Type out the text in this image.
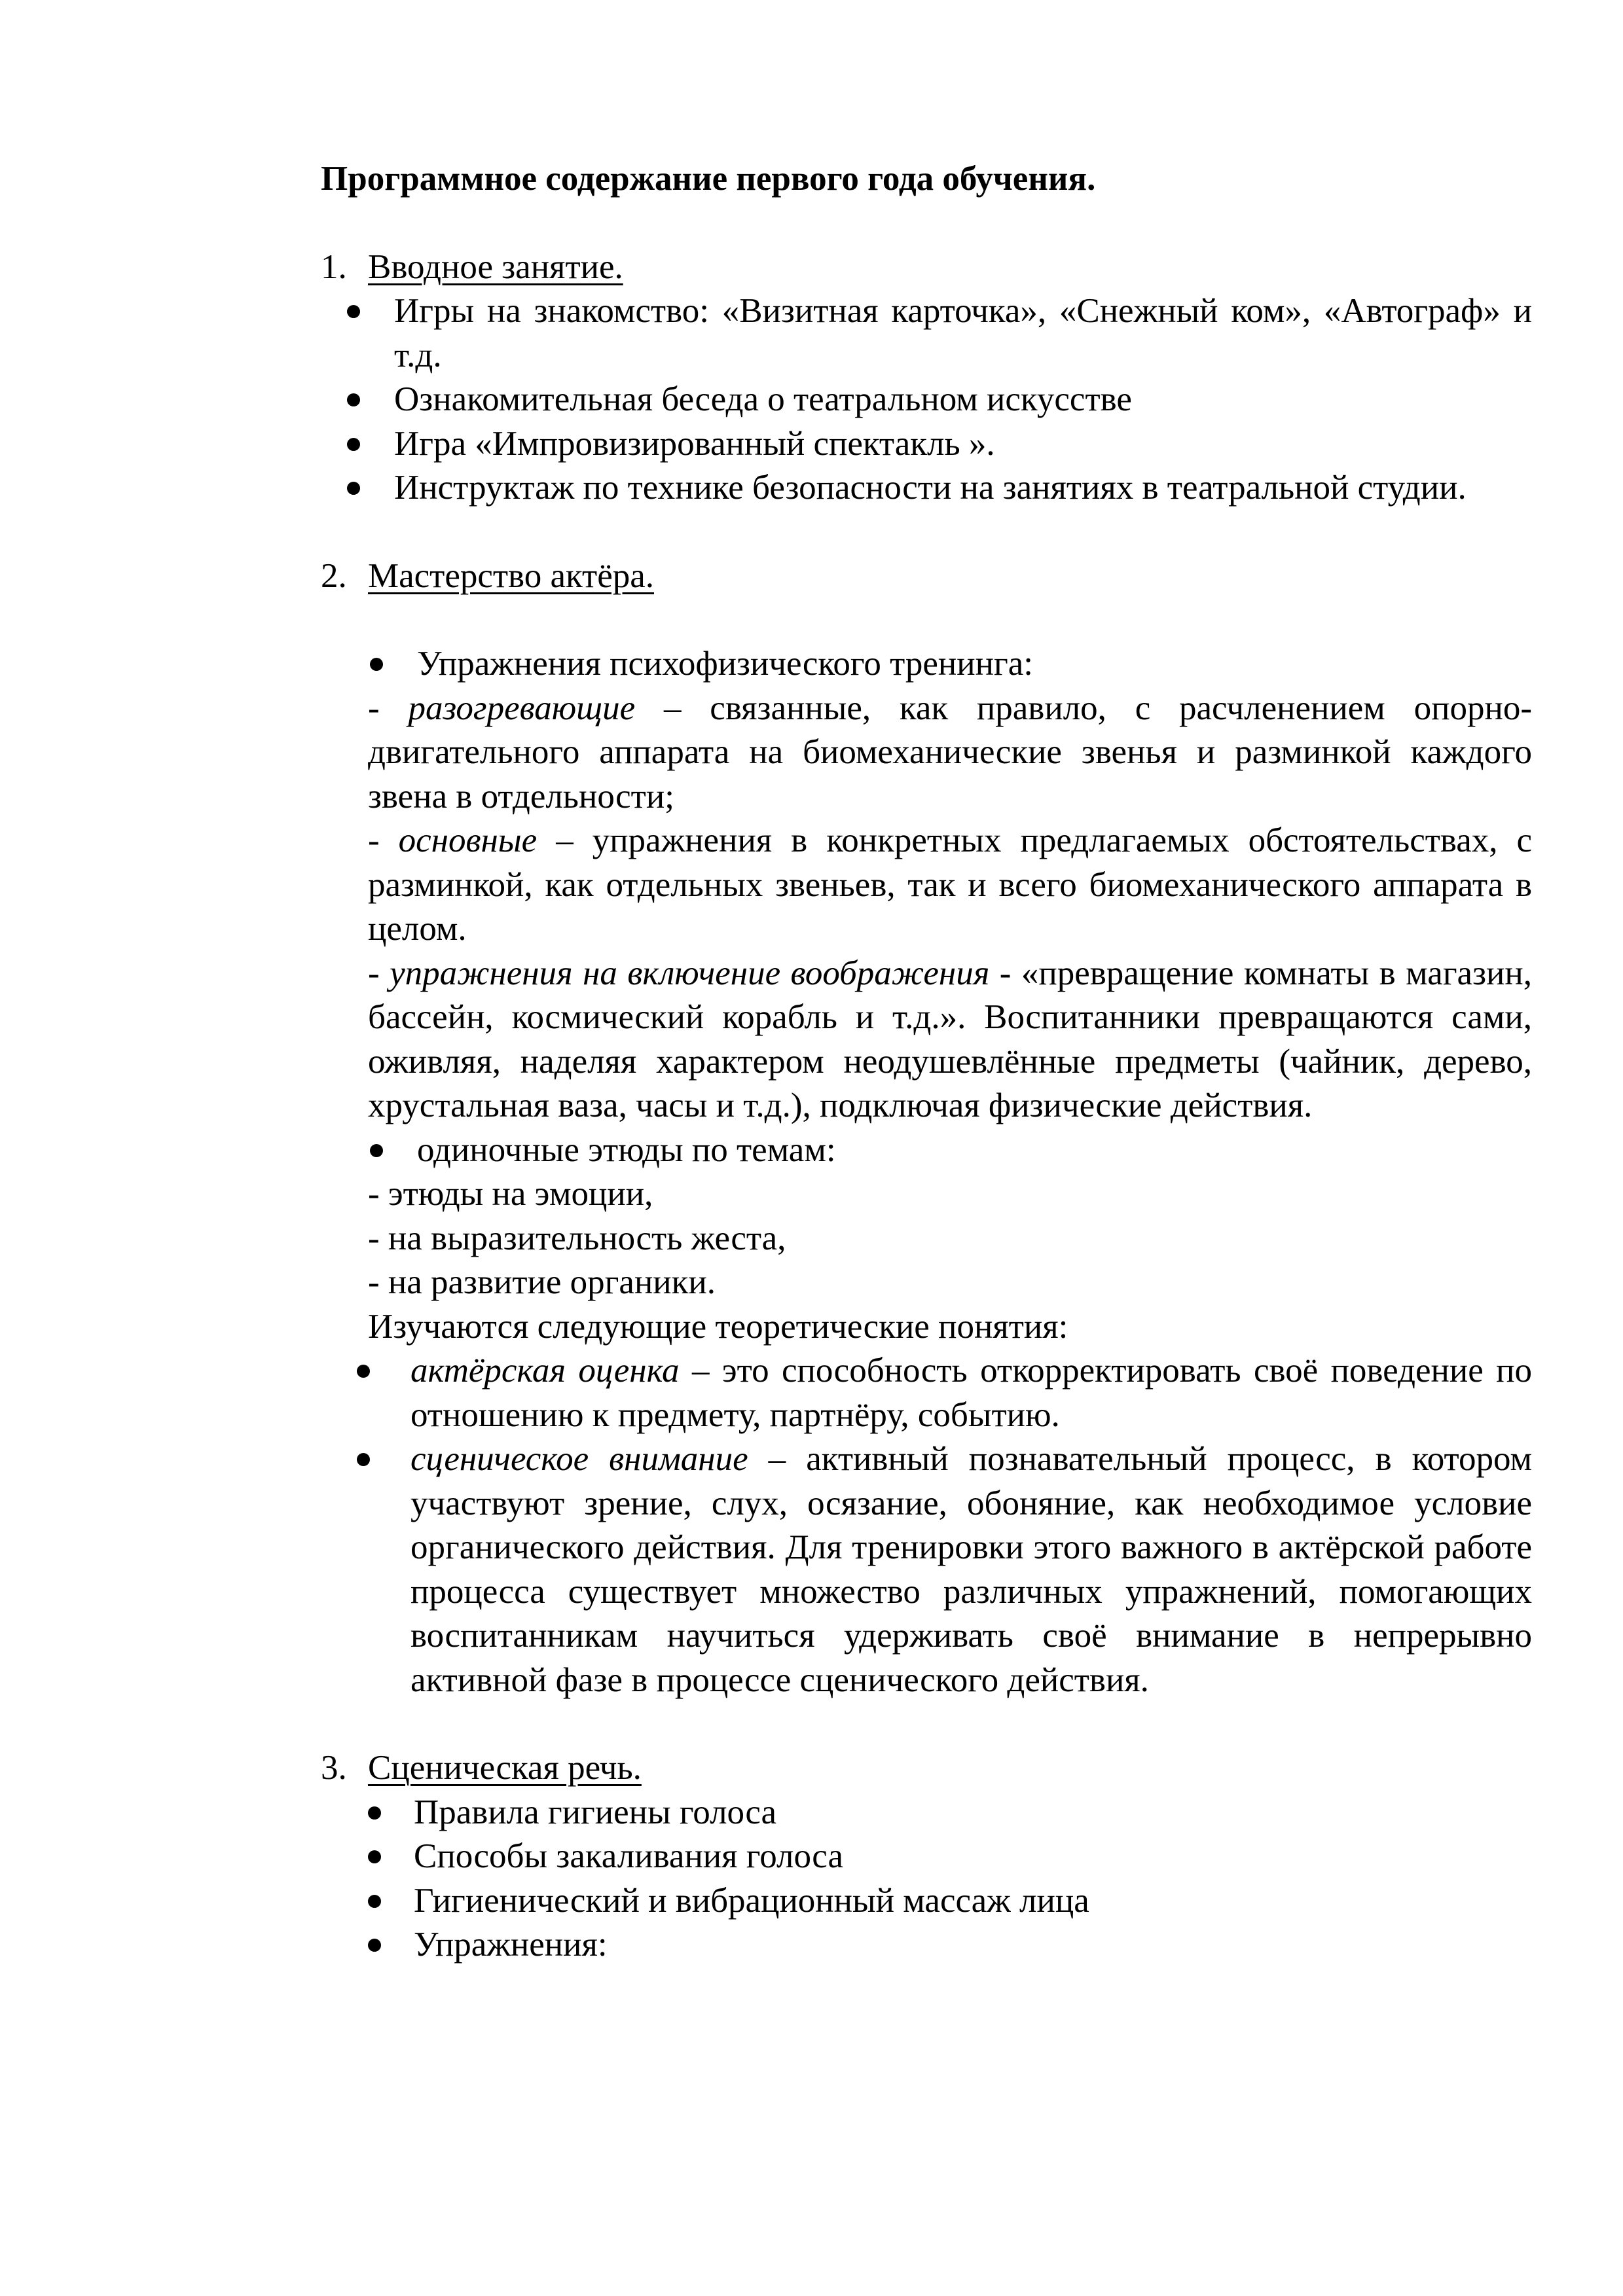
Программное содержание первого года обучения.
1. Вводное занятие.
Игры на знакомство: «Визитная карточка», «Снежный ком», «Автограф» и т.д.
Ознакомительная беседа о театральном искусстве
Игра «Импровизированный спектакль ».
Инструктаж по технике безопасности на занятиях в театральной студии.
2. Мастерство актёра.
Упражнения психофизического тренинга:
- разогревающие – связанные, как правило, с расчленением опорно-двигательного аппарата на биомеханические звенья и разминкой каждого звена в отдельности;
- основные – упражнения в конкретных предлагаемых обстоятельствах, с разминкой, как отдельных звеньев, так и всего биомеханического аппарата в целом.
- упражнения на включение воображения - «превращение комнаты в магазин, бассейн, космический корабль и т.д.». Воспитанники превращаются сами, оживляя, наделяя характером неодушевлённые предметы (чайник, дерево, хрустальная ваза, часы и т.д.), подключая физические действия.
одиночные этюды по темам:
- этюды на эмоции,
- на выразительность жеста,
- на развитие органики.
Изучаются следующие теоретические понятия:
актёрская оценка – это способность откорректировать своё поведение по отношению к предмету, партнёру, событию.
сценическое внимание – активный познавательный процесс, в котором участвуют зрение, слух, осязание, обоняние, как необходимое условие органического действия. Для тренировки этого важного в актёрской работе процесса существует множество различных упражнений, помогающих воспитанникам научиться удерживать своё внимание в непрерывно активной фазе в процессе сценического действия.
3. Сценическая речь.
Правила гигиены голоса
Способы закаливания голоса
Гигиенический и вибрационный массаж лица
Упражнения:
